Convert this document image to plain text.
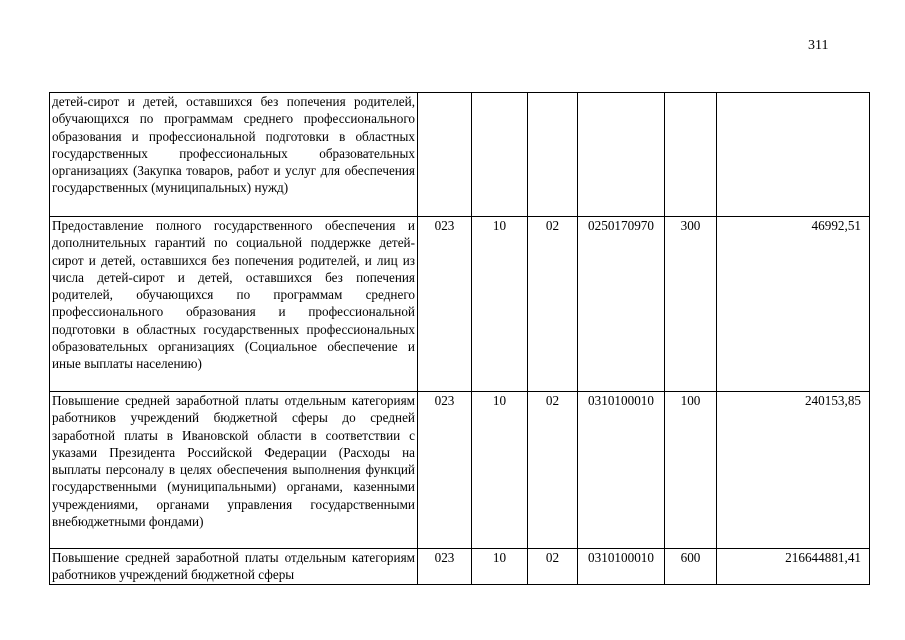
311
детей-сирот и детей, оставшихся без попечения родителей, обучающихся по программам среднего профессионального образования и профессиональной подготовки в областных государственных профессиональных образовательных организациях (Закупка товаров, работ и услуг для обеспечения государственных (муниципальных) нужд)						
Предоставление полного государственного обеспечения и дополнительных гарантий по социальной поддержке детей-сирот и детей, оставшихся без попечения родителей, и лиц из числа детей-сирот и детей, оставшихся без попечения родителей, обучающихся по программам среднего профессионального образования и профессиональной подготовки в областных государственных профессиональных образовательных организациях (Социальное обеспечение и иные выплаты населению)	023	10	02	0250170970	300	46992,51
Повышение средней заработной платы отдельным категориям работников учреждений бюджетной сферы до средней заработной платы в Ивановской области в соответствии с указами Президента Российской Федерации (Расходы на выплаты персоналу в целях обеспечения выполнения функций государственными (муниципальными) органами, казенными учреждениями, органами управления государственными внебюджетными фондами)	023	10	02	0310100010	100	240153,85
Повышение средней заработной платы отдельным категориям работников учреждений бюджетной сферы	023	10	02	0310100010	600	216644881,41
